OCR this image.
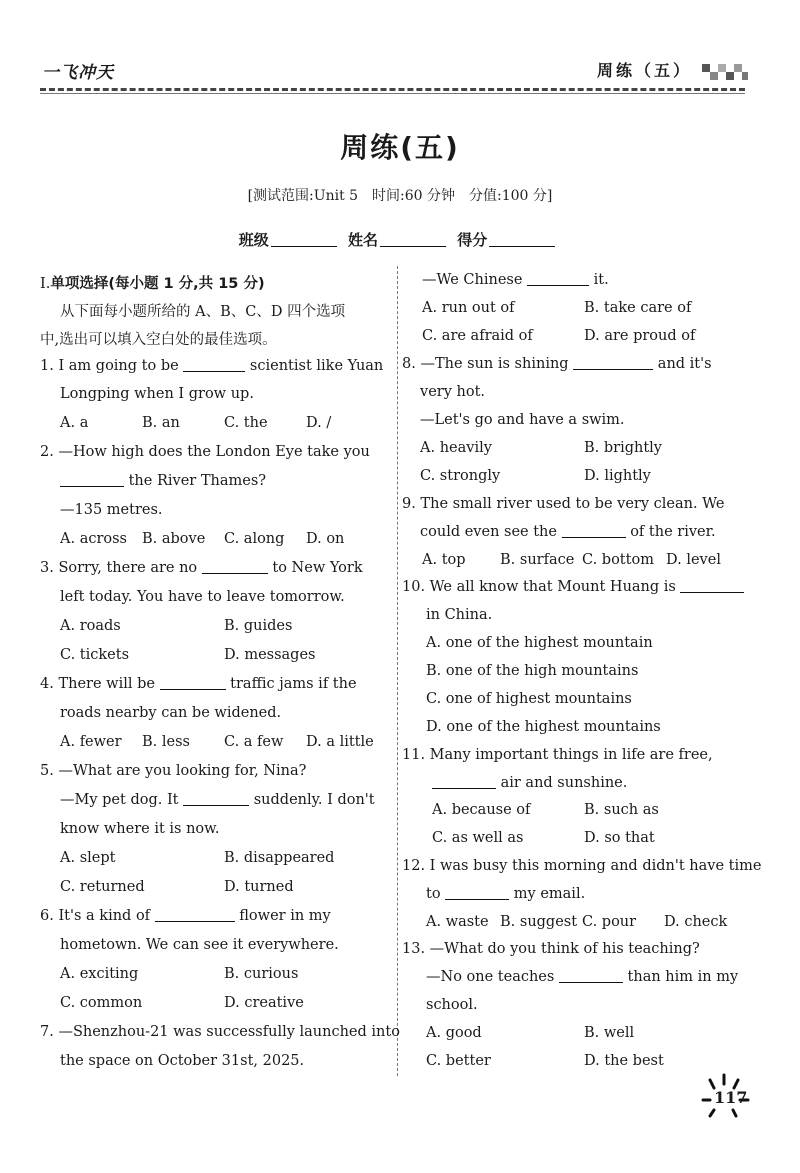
一飞冲天	周练（五）
周练(五)
[测试范围:Unit 5　时间:60 分钟　分值:100 分]
班级	姓名	得分
Ⅰ.单项选择(每小题 1 分,共 15 分)
从下面每小题所给的 A、B、C、D 四个选项
中,选出可以填入空白处的最佳选项。
1. I am going to be	scientist like Yuan
Longping when I grow up.
A. a	B. an	C. the	D. /
2. —How high does the London Eye take you
the River Thames?
—135 metres.
A. across B. above C. along D. on
3. Sorry, there are no	to New York
left today. You have to leave tomorrow.
A. roads	B. guides
C. tickets	D. messages
4. There will be	traffic jams if the
roads nearby can be widened.
A. fewer B. less C. a few D. a little
5. —What are you looking for, Nina?
—My pet dog. It	suddenly. I don't
know where it is now.
A. slept	B. disappeared
C. returned	D. turned
6. It's a kind of	flower in my
hometown. We can see it everywhere.
A. exciting	B. curious
C. common	D. creative
7. —Shenzhou-21 was successfully launched into
the space on October 31st, 2025.
—We Chinese	it.
A. run out of	B. take care of
C. are afraid of	D. are proud of
8. —The sun is shining	and it's
very hot.
—Let's go and have a swim.
A. heavily	B. brightly
C. strongly	D. lightly
9. The small river used to be very clean. We
could even see the	of the river.
A. top B. surface C. bottom D. level
10. We all know that Mount Huang is
in China.
A. one of the highest mountain
B. one of the high mountains
C. one of highest mountains
D. one of the highest mountains
11. Many important things in life are free,
air and sunshine.
A. because of	B. such as
C. as well as	D. so that
12. I was busy this morning and didn't have time
to	my email.
A. waste B. suggest C. pour D. check
13. —What do you think of his teaching?
—No one teaches	than him in my
school.
A. good	B. well
C. better	D. the best
117
